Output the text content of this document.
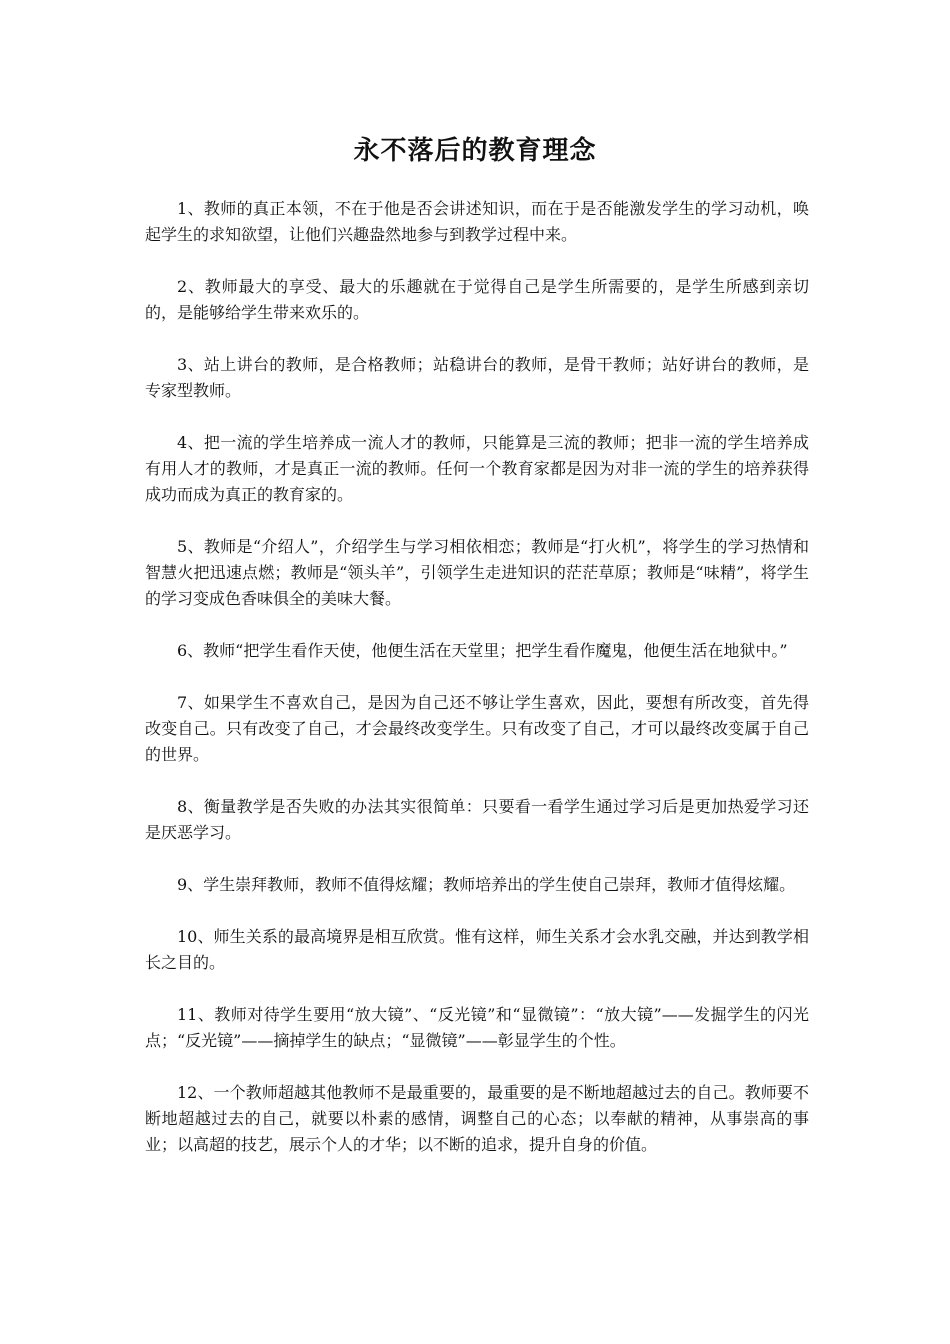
永不落后的教育理念

1、教师的真正本领，不在于他是否会讲述知识，而在于是否能激发学生的学习动机，唤起学生的求知欲望，让他们兴趣盎然地参与到教学过程中来。

2、教师最大的享受、最大的乐趣就在于觉得自己是学生所需要的，是学生所感到亲切的，是能够给学生带来欢乐的。

3、站上讲台的教师，是合格教师；站稳讲台的教师，是骨干教师；站好讲台的教师，是专家型教师。

4、把一流的学生培养成一流人才的教师，只能算是三流的教师；把非一流的学生培养成有用人才的教师，才是真正一流的教师。任何一个教育家都是因为对非一流的学生的培养获得成功而成为真正的教育家的。

5、教师是“介绍人”，介绍学生与学习相依相恋；教师是“打火机”，将学生的学习热情和智慧火把迅速点燃；教师是“领头羊”，引领学生走进知识的茫茫草原；教师是“味精”，将学生的学习变成色香味俱全的美味大餐。

6、教师“把学生看作天使，他便生活在天堂里；把学生看作魔鬼，他便生活在地狱中。”

7、如果学生不喜欢自己，是因为自己还不够让学生喜欢，因此，要想有所改变，首先得改变自己。只有改变了自己，才会最终改变学生。只有改变了自己，才可以最终改变属于自己的世界。

8、衡量教学是否失败的办法其实很简单：只要看一看学生通过学习后是更加热爱学习还是厌恶学习。

9、学生崇拜教师，教师不值得炫耀；教师培养出的学生使自己崇拜，教师才值得炫耀。

10、师生关系的最高境界是相互欣赏。惟有这样，师生关系才会水乳交融，并达到教学相长之目的。

11、教师对待学生要用“放大镜”、“反光镜”和“显微镜”：“放大镜”——发掘学生的闪光点；“反光镜”——摘掉学生的缺点；“显微镜”——彰显学生的个性。

12、一个教师超越其他教师不是最重要的，最重要的是不断地超越过去的自己。教师要不断地超越过去的自己，就要以朴素的感情，调整自己的心态；以奉献的精神，从事崇高的事业；以高超的技艺，展示个人的才华；以不断的追求，提升自身的价值。
